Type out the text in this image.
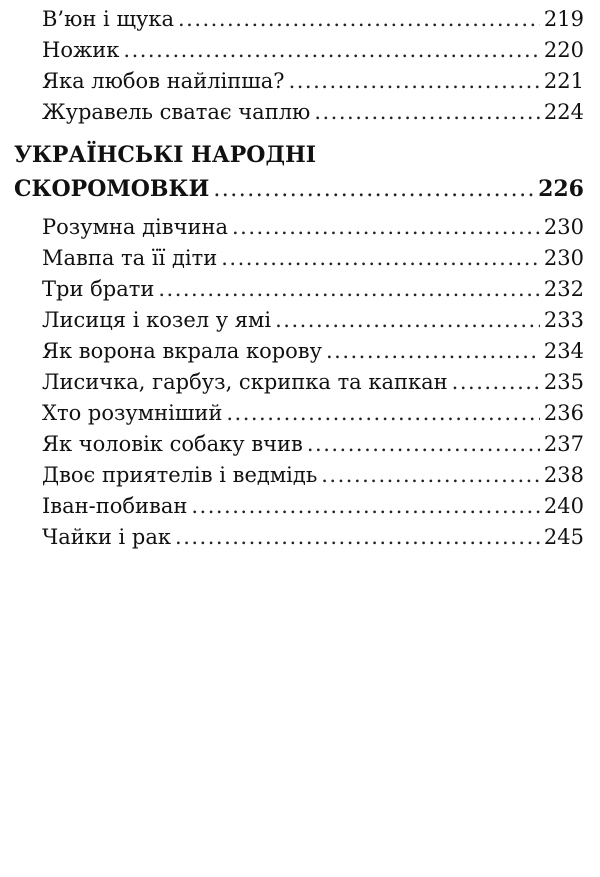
В’юн і щука .....	219
Ножик .....	220
Яка любов найліпша? .....	221
Журавель сватає чаплю .....	224
УКРАЇНСЬКІ НАРОДНІ
СКОРОМОВКИ .....	226
Розумна дівчина .....	230
Мавпа та її діти .....	230
Три брати .....	232
Лисиця і козел у ямі .....	233
Як ворона вкрала корову .....	234
Лисичка, гарбуз, скрипка та капкан .....	235
Хто розумніший .....	236
Як чоловік собаку вчив .....	237
Двоє приятелів і ведмідь .....	238
Іван-побиван .....	240
Чайки і рак .....	245
